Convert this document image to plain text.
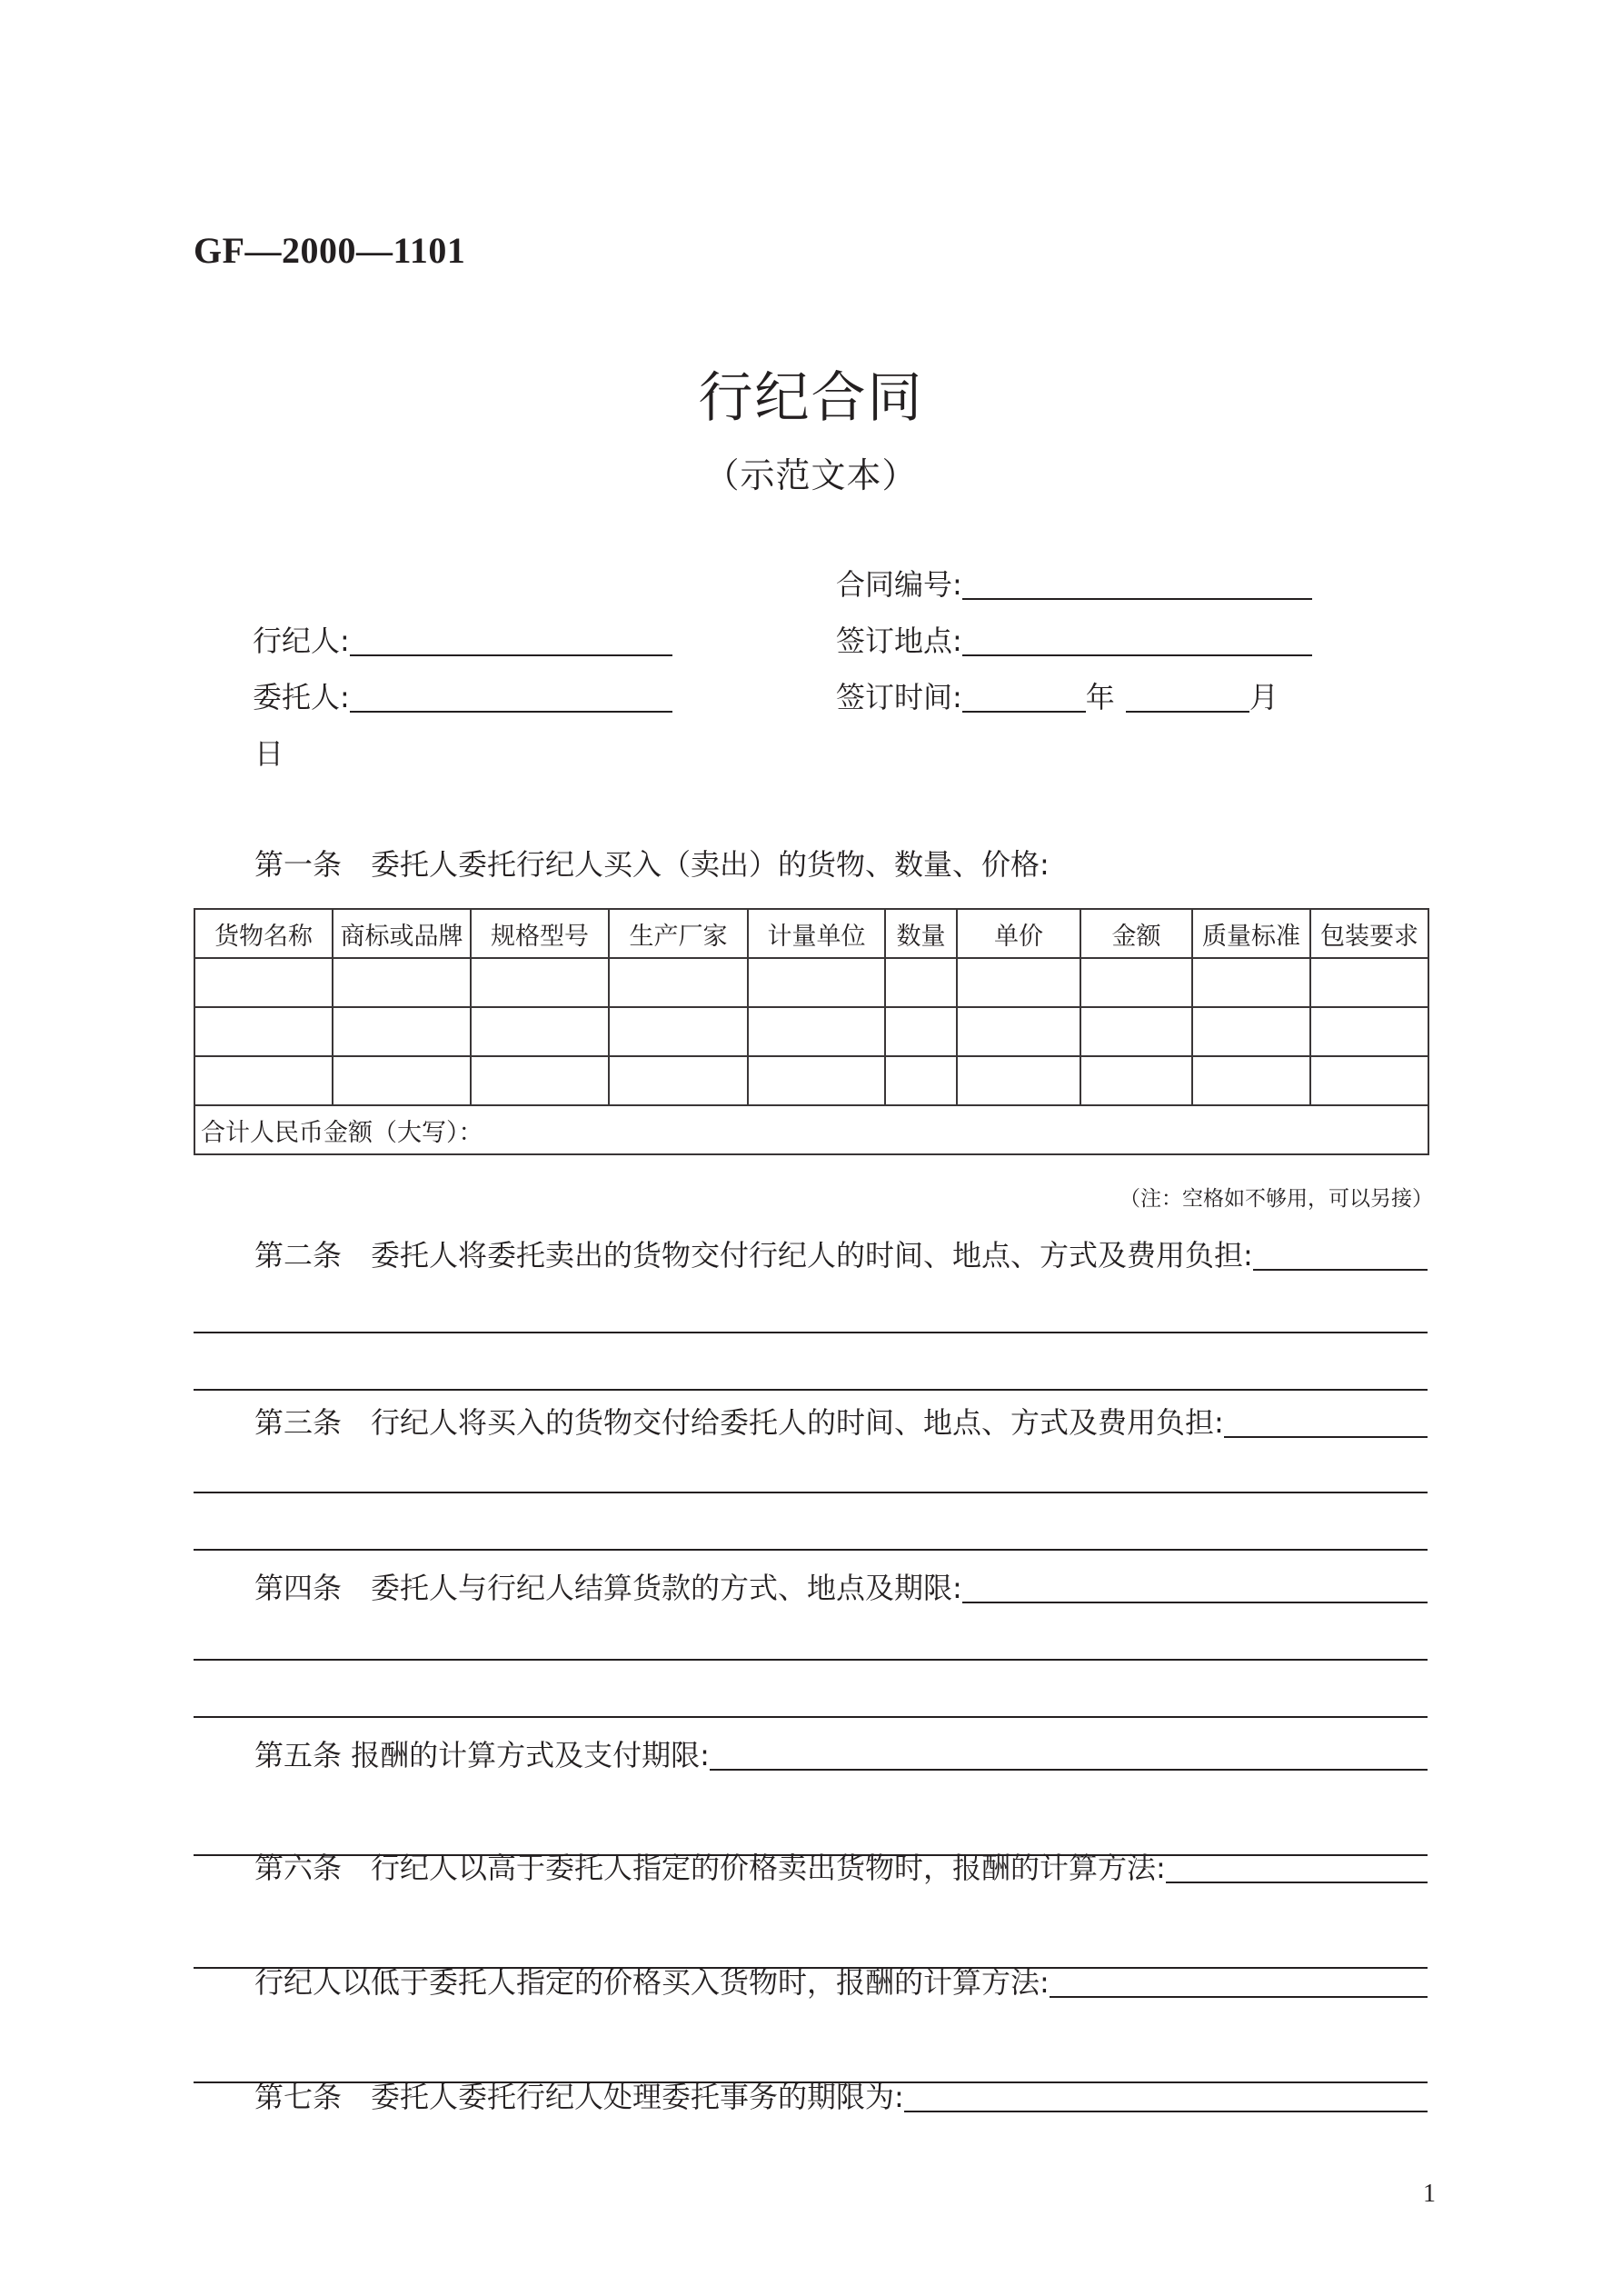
GF—2000—1101
行纪合同
（示范文本）
合同编号:
签订地点:
签订时间:	年	月
行纪人:
委托人:
日
第一条　委托人委托行纪人买入（卖出）的货物、数量、价格:
货物名称	商标或品牌	规格型号	生产厂家	计量单位	数量	单价	金额	质量标准	包装要求

合计人民币金额（大写）：									
（注：空格如不够用，可以另接）
第二条　委托人将委托卖出的货物交付行纪人的时间、地点、方式及费用负担:
第三条　行纪人将买入的货物交付给委托人的时间、地点、方式及费用负担:
第四条　委托人与行纪人结算货款的方式、地点及期限:
第五条 报酬的计算方式及支付期限:
第六条　行纪人以高于委托人指定的价格卖出货物时，报酬的计算方法:
行纪人以低于委托人指定的价格买入货物时，报酬的计算方法:
第七条　委托人委托行纪人处理委托事务的期限为:
1
